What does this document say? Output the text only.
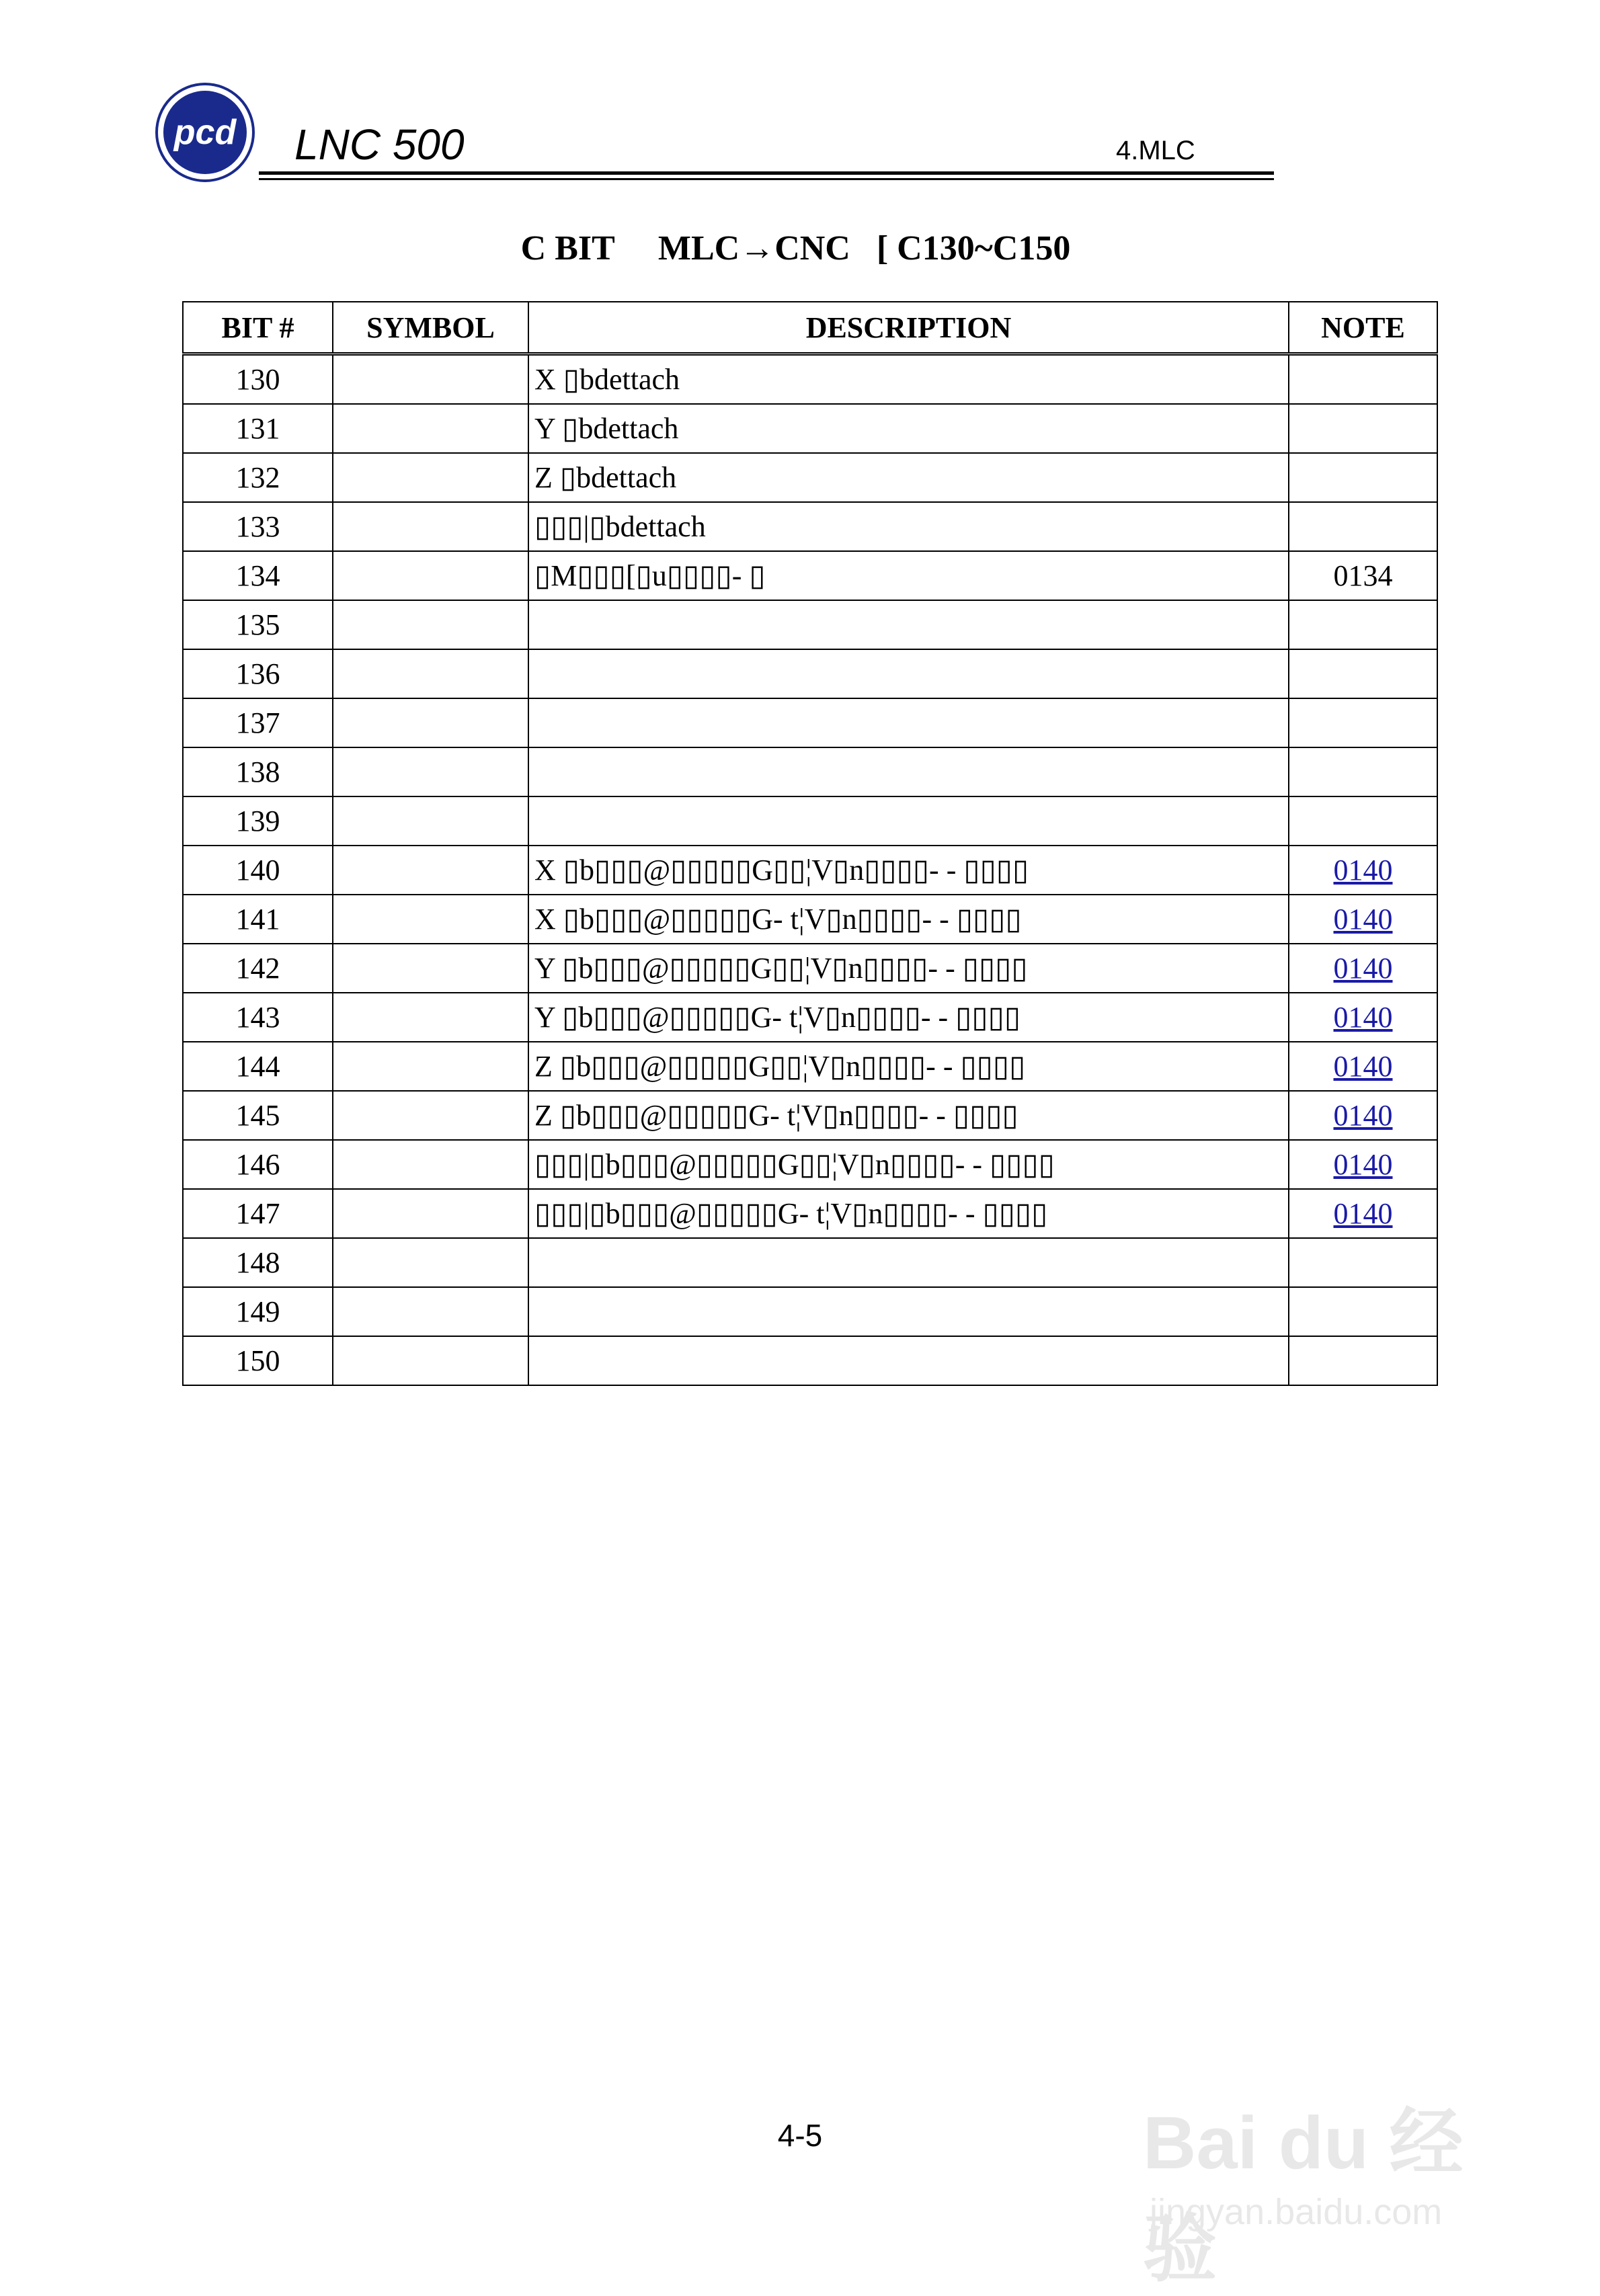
pcd LNC 500	4.MLC
C BIT     MLC→CNC   [ C130~C150
BIT #	SYMBOL	DESCRIPTION	NOTE
130		X ▯bdettach	
131		Y ▯bdettach	
132		Z ▯bdettach	
133		▯▯▯|▯bdettach	
134		▯M▯▯▯[▯u▯▯▯▯- ▯	0134
135			
136			
137			
138			
139			
140		X ▯b▯▯▯@▯▯▯▯▯G▯▯¦V▯n▯▯▯▯- - ▯▯▯▯	0140
141		X ▯b▯▯▯@▯▯▯▯▯G- t¦V▯n▯▯▯▯- - ▯▯▯▯	0140
142		Y ▯b▯▯▯@▯▯▯▯▯G▯▯¦V▯n▯▯▯▯- - ▯▯▯▯	0140
143		Y ▯b▯▯▯@▯▯▯▯▯G- t¦V▯n▯▯▯▯- - ▯▯▯▯	0140
144		Z ▯b▯▯▯@▯▯▯▯▯G▯▯¦V▯n▯▯▯▯- - ▯▯▯▯	0140
145		Z ▯b▯▯▯@▯▯▯▯▯G- t¦V▯n▯▯▯▯- - ▯▯▯▯	0140
146		▯▯▯|▯b▯▯▯@▯▯▯▯▯G▯▯¦V▯n▯▯▯▯- - ▯▯▯▯	0140
147		▯▯▯|▯b▯▯▯@▯▯▯▯▯G- t¦V▯n▯▯▯▯- - ▯▯▯▯	0140
148			
149			
150			
4-5	Bai du 经验
jingyan.baidu.com
